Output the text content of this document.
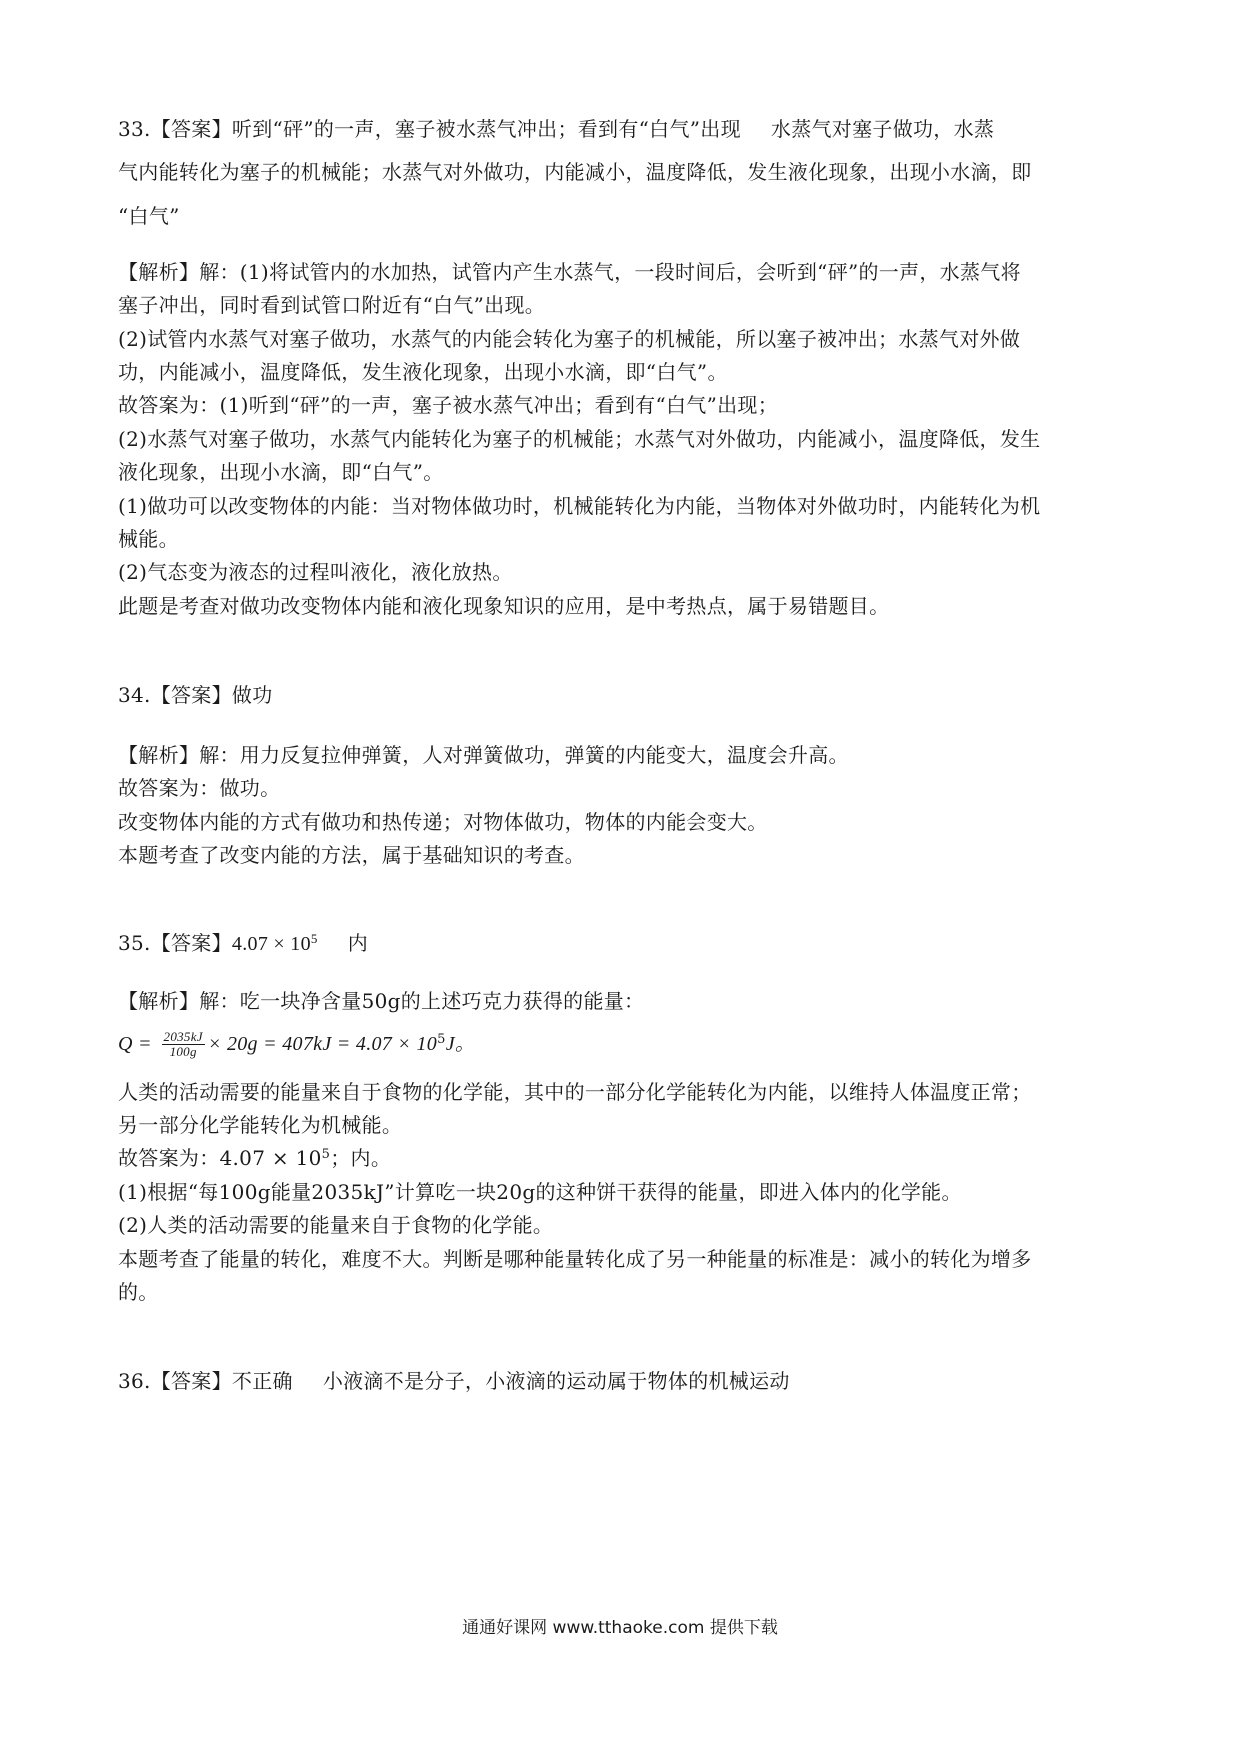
33.【答案】听到“砰”的一声，塞子被水蒸气冲出；看到有“白气”出现 水蒸气对塞子做功，水蒸
气内能转化为塞子的机械能；水蒸气对外做功，内能减小，温度降低，发生液化现象，出现小水滴，即
“白气”
【解析】解：(1)将试管内的水加热，试管内产生水蒸气，一段时间后，会听到“砰”的一声，水蒸气将
塞子冲出，同时看到试管口附近有“白气”出现。
(2)试管内水蒸气对塞子做功，水蒸气的内能会转化为塞子的机械能，所以塞子被冲出；水蒸气对外做
功，内能减小，温度降低，发生液化现象，出现小水滴，即“白气”。
故答案为：(1)听到“砰”的一声，塞子被水蒸气冲出；看到有“白气”出现；
(2)水蒸气对塞子做功，水蒸气内能转化为塞子的机械能；水蒸气对外做功，内能减小，温度降低，发生
液化现象，出现小水滴，即“白气”。
(1)做功可以改变物体的内能：当对物体做功时，机械能转化为内能，当物体对外做功时，内能转化为机
械能。
(2)气态变为液态的过程叫液化，液化放热。
此题是考查对做功改变物体内能和液化现象知识的应用，是中考热点，属于易错题目。
34.【答案】做功
【解析】解：用力反复拉伸弹簧，人对弹簧做功，弹簧的内能变大，温度会升高。
故答案为：做功。
改变物体内能的方式有做功和热传递；对物体做功，物体的内能会变大。
本题考查了改变内能的方法，属于基础知识的考查。
35.【答案】$4.07 \times 10^5$ 内
【解析】解：吃一块净含量50g的上述巧克力获得的能量：
$Q = \frac{2035kJ}{100g} \times 20g = 407kJ = 4.07 \times 10^5J$。
人类的活动需要的能量来自于食物的化学能，其中的一部分化学能转化为内能，以维持人体温度正常；
另一部分化学能转化为机械能。
故答案为：$4.07 \times 10^5$；内。
(1)根据“每100g能量2035kJ”计算吃一块20g的这种饼干获得的能量，即进入体内的化学能。
(2)人类的活动需要的能量来自于食物的化学能。
本题考查了能量的转化，难度不大。判断是哪种能量转化成了另一种能量的标准是：减小的转化为增多
的。
36.【答案】不正确 小液滴不是分子，小液滴的运动属于物体的机械运动
通通好课网 www.tthaoke.com 提供下载
